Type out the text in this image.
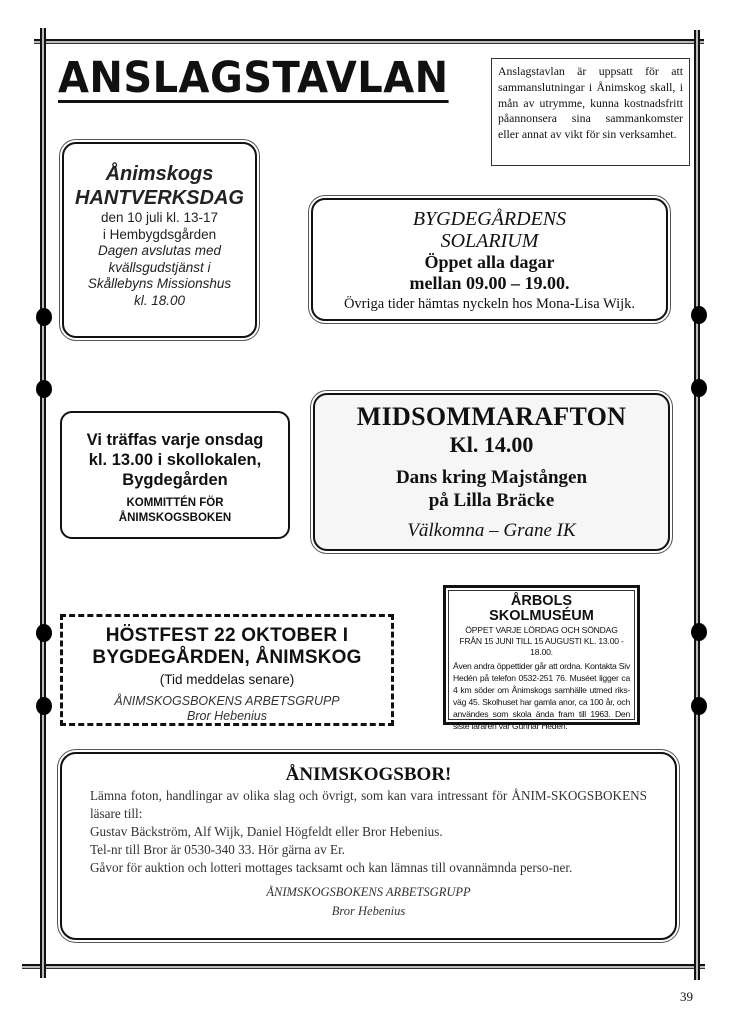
ANSLAGSTAVLAN	Anslagstavlan är uppsatt för att sammanslutningar i Ånimskog skall, i mån av utrymme, kunna kostnadsfritt påannonsera sina sammankomster eller annat av vikt för sin verksamhet.
Ånimskogs
HANTVERKSDAG
den 10 juli kl. 13-17
i Hembygdsgården
Dagen avslutas med
kvällsgudstjänst i
Skållebyns Missionshus
kl. 18.00
BYGDEGÅRDENS
SOLARIUM
Öppet alla dagar
mellan 09.00 – 19.00.
Övriga tider hämtas nyckeln hos Mona-Lisa Wijk.
Vi träffas varje onsdag
kl. 13.00 i skollokalen,
Bygdegården
KOMMITTÉN FÖR
ÅNIMSKOGSBOKEN
MIDSOMMARAFTON
Kl. 14.00
Dans kring Majstången
på Lilla Bräcke
Välkomna – Grane IK
HÖSTFEST 22 OKTOBER I
BYGDEGÅRDEN, ÅNIMSKOG
(Tid meddelas senare)
ÅNIMSKOGSBOKENS ARBETSGRUPP
Bror Hebenius
ÅRBOLS
SKOLMUSÉUM
ÖPPET VARJE LÖRDAG OCH SÖNDAG FRÅN 15 JUNI TILL 15 AUGUSTI KL. 13.00 - 18.00.
Även andra öppettider går att ordna. Kontakta Siv Hedén på telefon 0532-251 76. Muséet ligger ca 4 km söder om Ånimskogs samhälle utmed riks-väg 45. Skolhuset har gamla anor, ca 100 år, och användes som skola ända fram till 1963. Den siste läraren var Gunnar Hedén.
ÅNIMSKOGSBOR!
Lämna foton, handlingar av olika slag och övrigt, som kan vara intressant för ÅNIM-SKOGSBOKENS läsare till:
Gustav Bäckström, Alf Wijk, Daniel Högfeldt eller Bror Hebenius.
Tel-nr till Bror är 0530-340 33. Hör gärna av Er.
Gåvor för auktion och lotteri mottages tacksamt och kan lämnas till ovannämnda perso-ner.
ÅNIMSKOGSBOKENS ARBETSGRUPP
Bror Hebenius
39
